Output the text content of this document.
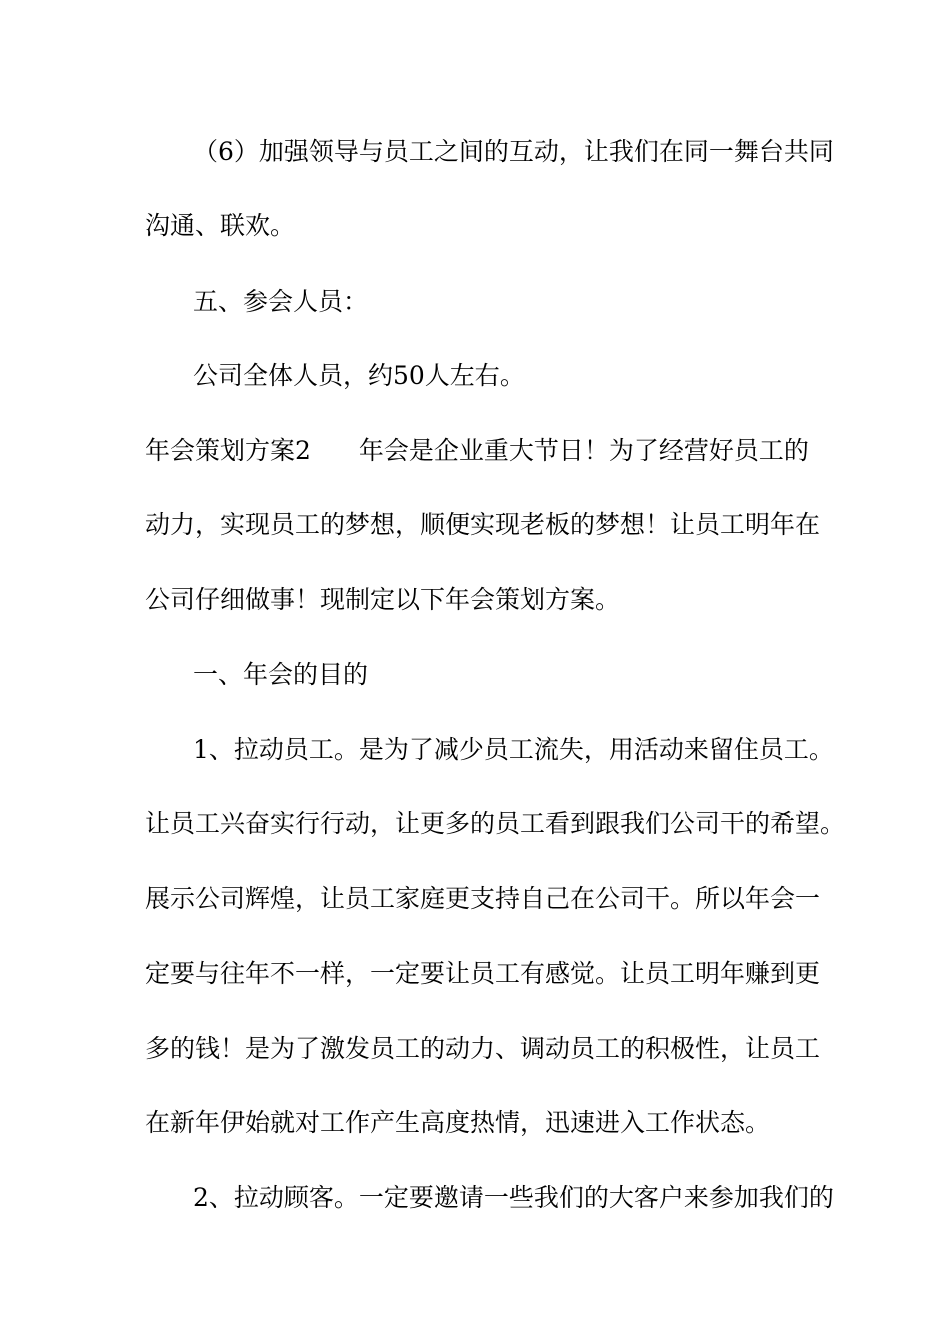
（6）加强领导与员工之间的互动，让我们在同一舞台共同
沟通、联欢。
五、参会人员：
公司全体人员，约50人左右。
年会策划方案2 年会是企业重大节日！为了经营好员工的
动力，实现员工的梦想，顺便实现老板的梦想！让员工明年在
公司仔细做事！现制定以下年会策划方案。
一、年会的目的
1、拉动员工。是为了减少员工流失，用活动来留住员工。
让员工兴奋实行行动，让更多的员工看到跟我们公司干的希望。
展示公司辉煌，让员工家庭更支持自己在公司干。所以年会一
定要与往年不一样，一定要让员工有感觉。让员工明年赚到更
多的钱！是为了激发员工的动力、调动员工的积极性，让员工
在新年伊始就对工作产生高度热情，迅速进入工作状态。
2、拉动顾客。一定要邀请一些我们的大客户来参加我们的
